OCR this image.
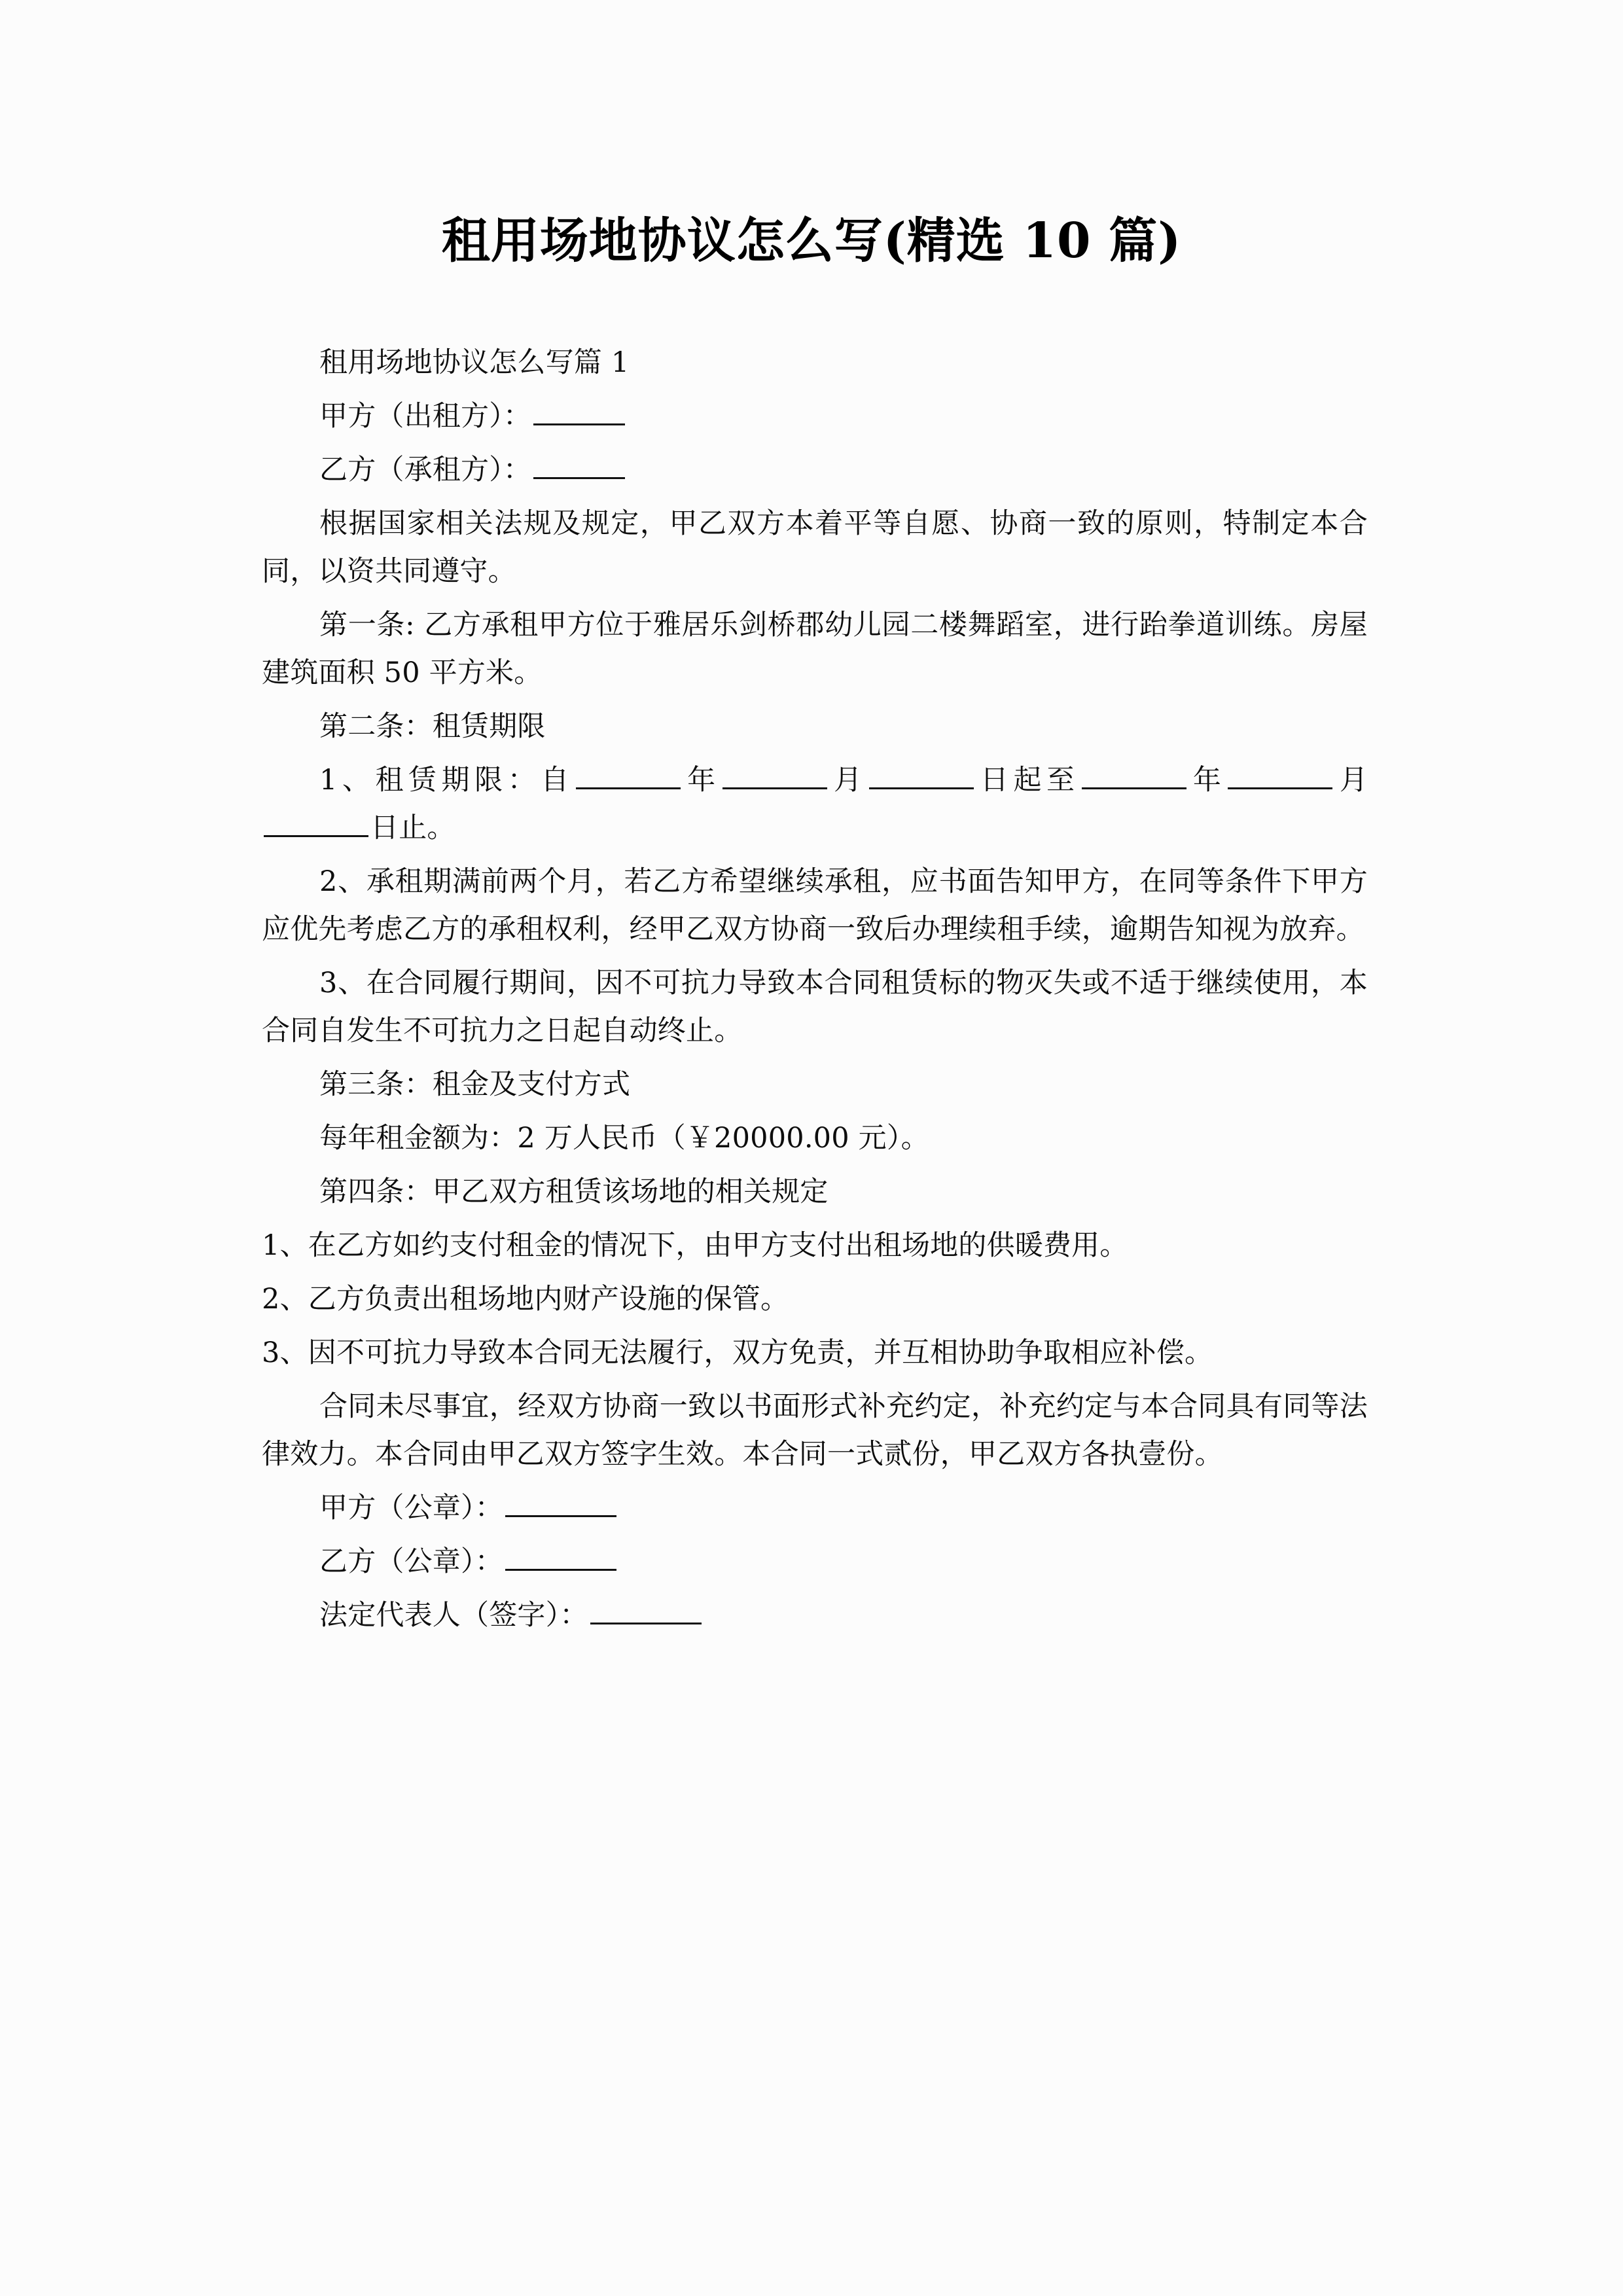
租用场地协议怎么写(精选 10 篇)

租用场地协议怎么写篇 1

甲方（出租方）：

乙方（承租方）：

根据国家相关法规及规定，甲乙双方本着平等自愿、协商一致的原则，特制定本合同，以资共同遵守。

第一条: 乙方承租甲方位于雅居乐剑桥郡幼儿园二楼舞蹈室，进行跆拳道训练。房屋建筑面积 50 平方米。

第二条：租赁期限

1、租赁期限：自	年	月	日起至	年	月日止。

2、承租期满前两个月，若乙方希望继续承租，应书面告知甲方，在同等条件下甲方应优先考虑乙方的承租权利，经甲乙双方协商一致后办理续租手续，逾期告知视为放弃。

3、在合同履行期间，因不可抗力导致本合同租赁标的物灭失或不适于继续使用，本合同自发生不可抗力之日起自动终止。

第三条：租金及支付方式

每年租金额为：2 万人民币（￥20000.00 元）。

第四条：甲乙双方租赁该场地的相关规定

1、在乙方如约支付租金的情况下，由甲方支付出租场地的供暖费用。

2、乙方负责出租场地内财产设施的保管。

3、因不可抗力导致本合同无法履行，双方免责，并互相协助争取相应补偿。

合同未尽事宜，经双方协商一致以书面形式补充约定，补充约定与本合同具有同等法律效力。本合同由甲乙双方签字生效。本合同一式贰份，甲乙双方各执壹份。

甲方（公章）：

乙方（公章）：

法定代表人（签字）：
